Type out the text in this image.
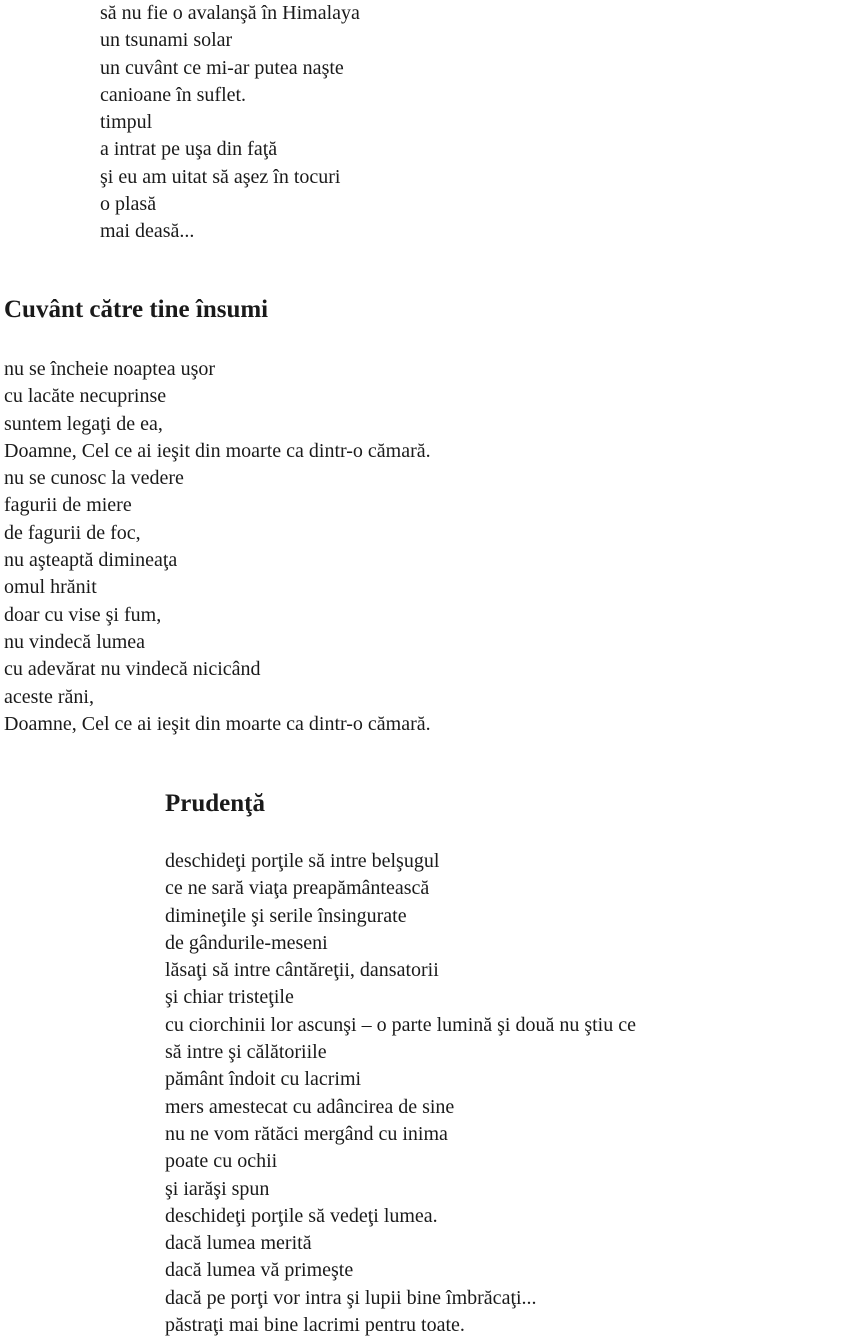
să nu fie o avalanşă în Himalaya
un tsunami solar
un cuvânt ce mi-ar putea naşte
canioane în suflet.
timpul
a intrat pe uşa din faţă
şi eu am uitat să aşez în tocuri
o plasă
mai deasă...
Cuvânt către tine însumi
nu se încheie noaptea uşor
cu lacăte necuprinse
suntem legaţi de ea,
Doamne, Cel ce ai ieşit din moarte ca dintr-o cămară.
nu se cunosc la vedere
fagurii de miere
de fagurii de foc,
nu aşteaptă dimineaţa
omul hrănit
doar cu vise şi fum,
nu vindecă lumea
cu adevărat nu vindecă nicicând
aceste răni,
Doamne, Cel ce ai ieşit din moarte ca dintr-o cămară.
Prudenţă
deschideţi porţile să intre belşugul
ce ne sară viaţa preapământească
dimineţile şi serile însingurate
de gândurile-meseni
lăsaţi să intre cântăreţii, dansatorii
şi chiar tristeţile
cu ciorchinii lor ascunşi – o parte lumină şi două nu ştiu ce
să intre şi călătoriile
pământ îndoit cu lacrimi
mers amestecat cu adâncirea de sine
nu ne vom rătăci mergând cu inima
poate cu ochii
şi iarăşi spun
deschideţi porţile să vedeţi lumea.
dacă lumea merită
dacă lumea vă primeşte
dacă pe porţi vor intra şi lupii bine îmbrăcaţi...
păstraţi mai bine lacrimi pentru toate.
